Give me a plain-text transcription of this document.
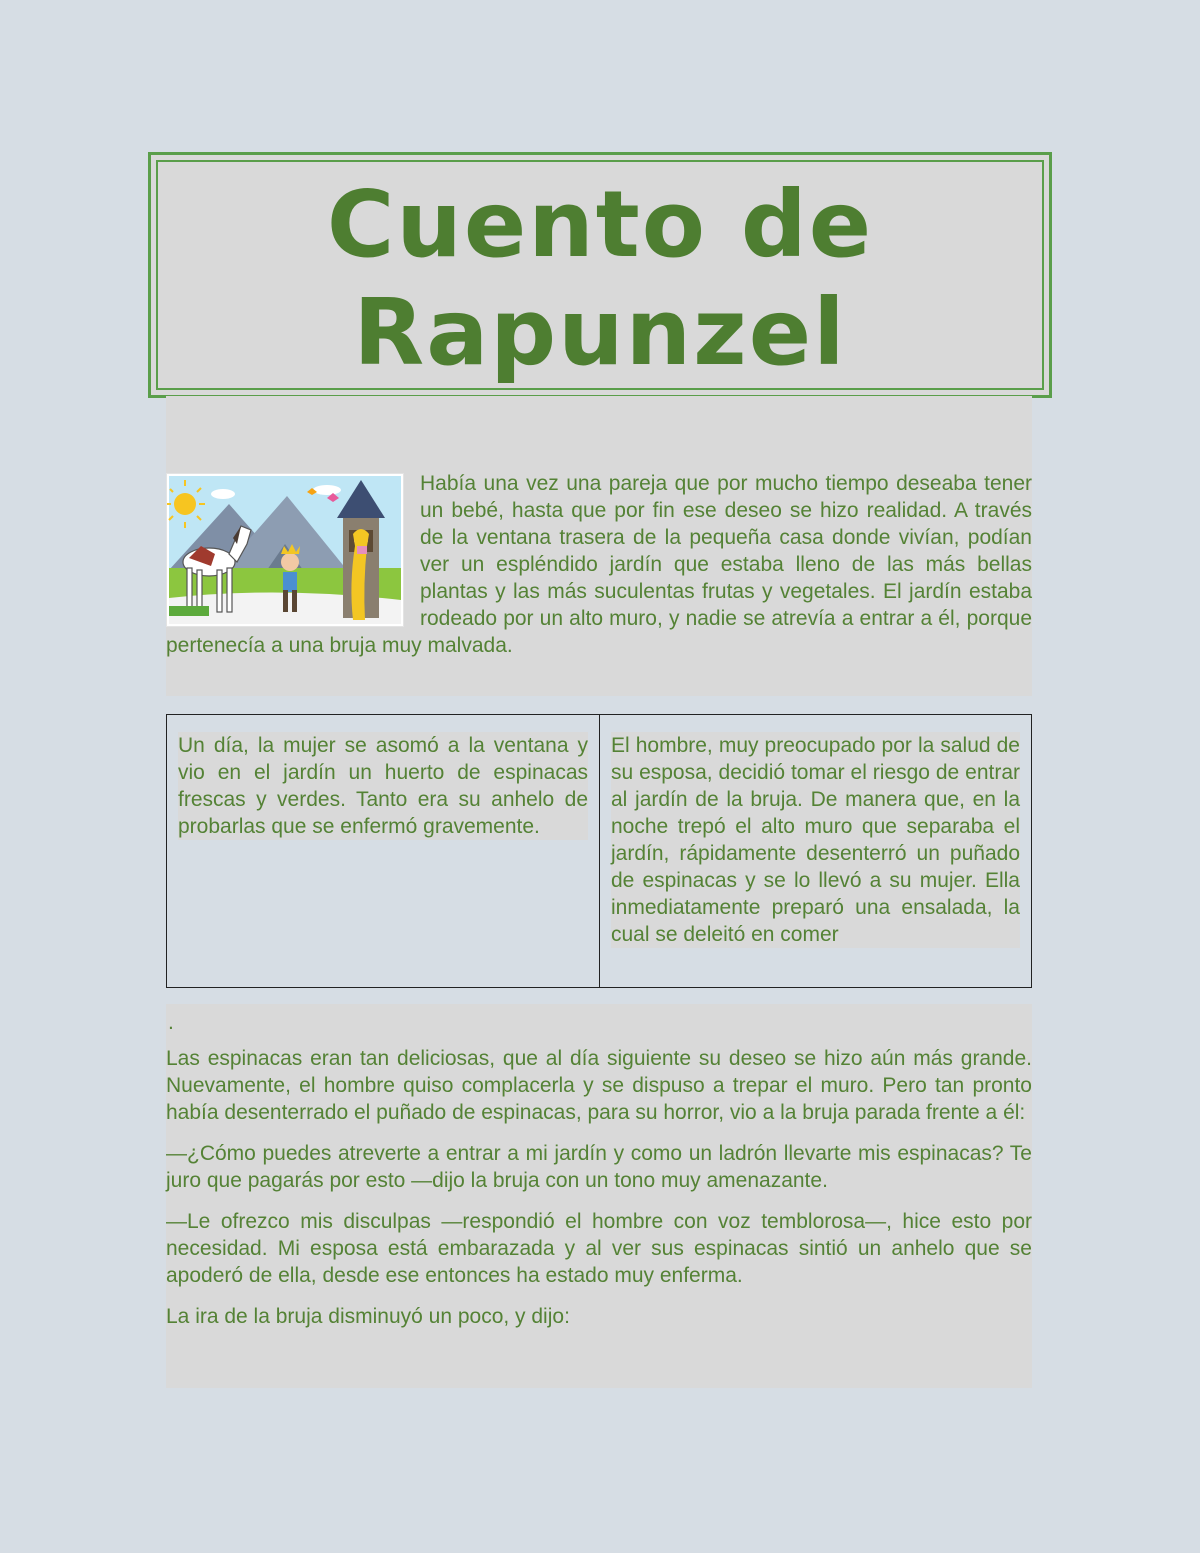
Cuento de
Rapunzel

Había una vez una pareja que por mucho tiempo deseaba tener un bebé, hasta que por fin ese deseo se hizo realidad. A través de la ventana trasera de la pequeña casa donde vivían, podían ver un espléndido jardín que estaba lleno de las más bellas plantas y las más suculentas frutas y vegetales. El jardín estaba rodeado por un alto muro, y nadie se atrevía a entrar a él, porque pertenecía a una bruja muy malvada.

Un día, la mujer se asomó a la ventana y vio en el jardín un huerto de espinacas frescas y verdes. Tanto era su anhelo de probarlas que se enfermó gravemente.

El hombre, muy preocupado por la salud de su esposa, decidió tomar el riesgo de entrar al jardín de la bruja. De manera que, en la noche trepó el alto muro que separaba el jardín, rápidamente desenterró un puñado de espinacas y se lo llevó a su mujer. Ella inmediatamente preparó una ensalada, la cual se deleitó en comer

.

Las espinacas eran tan deliciosas, que al día siguiente su deseo se hizo aún más grande. Nuevamente, el hombre quiso complacerla y se dispuso a trepar el muro. Pero tan pronto había desenterrado el puñado de espinacas, para su horror, vio a la bruja parada frente a él:

—¿Cómo puedes atreverte a entrar a mi jardín y como un ladrón llevarte mis espinacas? Te juro que pagarás por esto —dijo la bruja con un tono muy amenazante.

—Le ofrezco mis disculpas —respondió el hombre con voz temblorosa—, hice esto por necesidad. Mi esposa está embarazada y al ver sus espinacas sintió un anhelo que se apoderó de ella, desde ese entonces ha estado muy enferma.

La ira de la bruja disminuyó un poco, y dijo:
